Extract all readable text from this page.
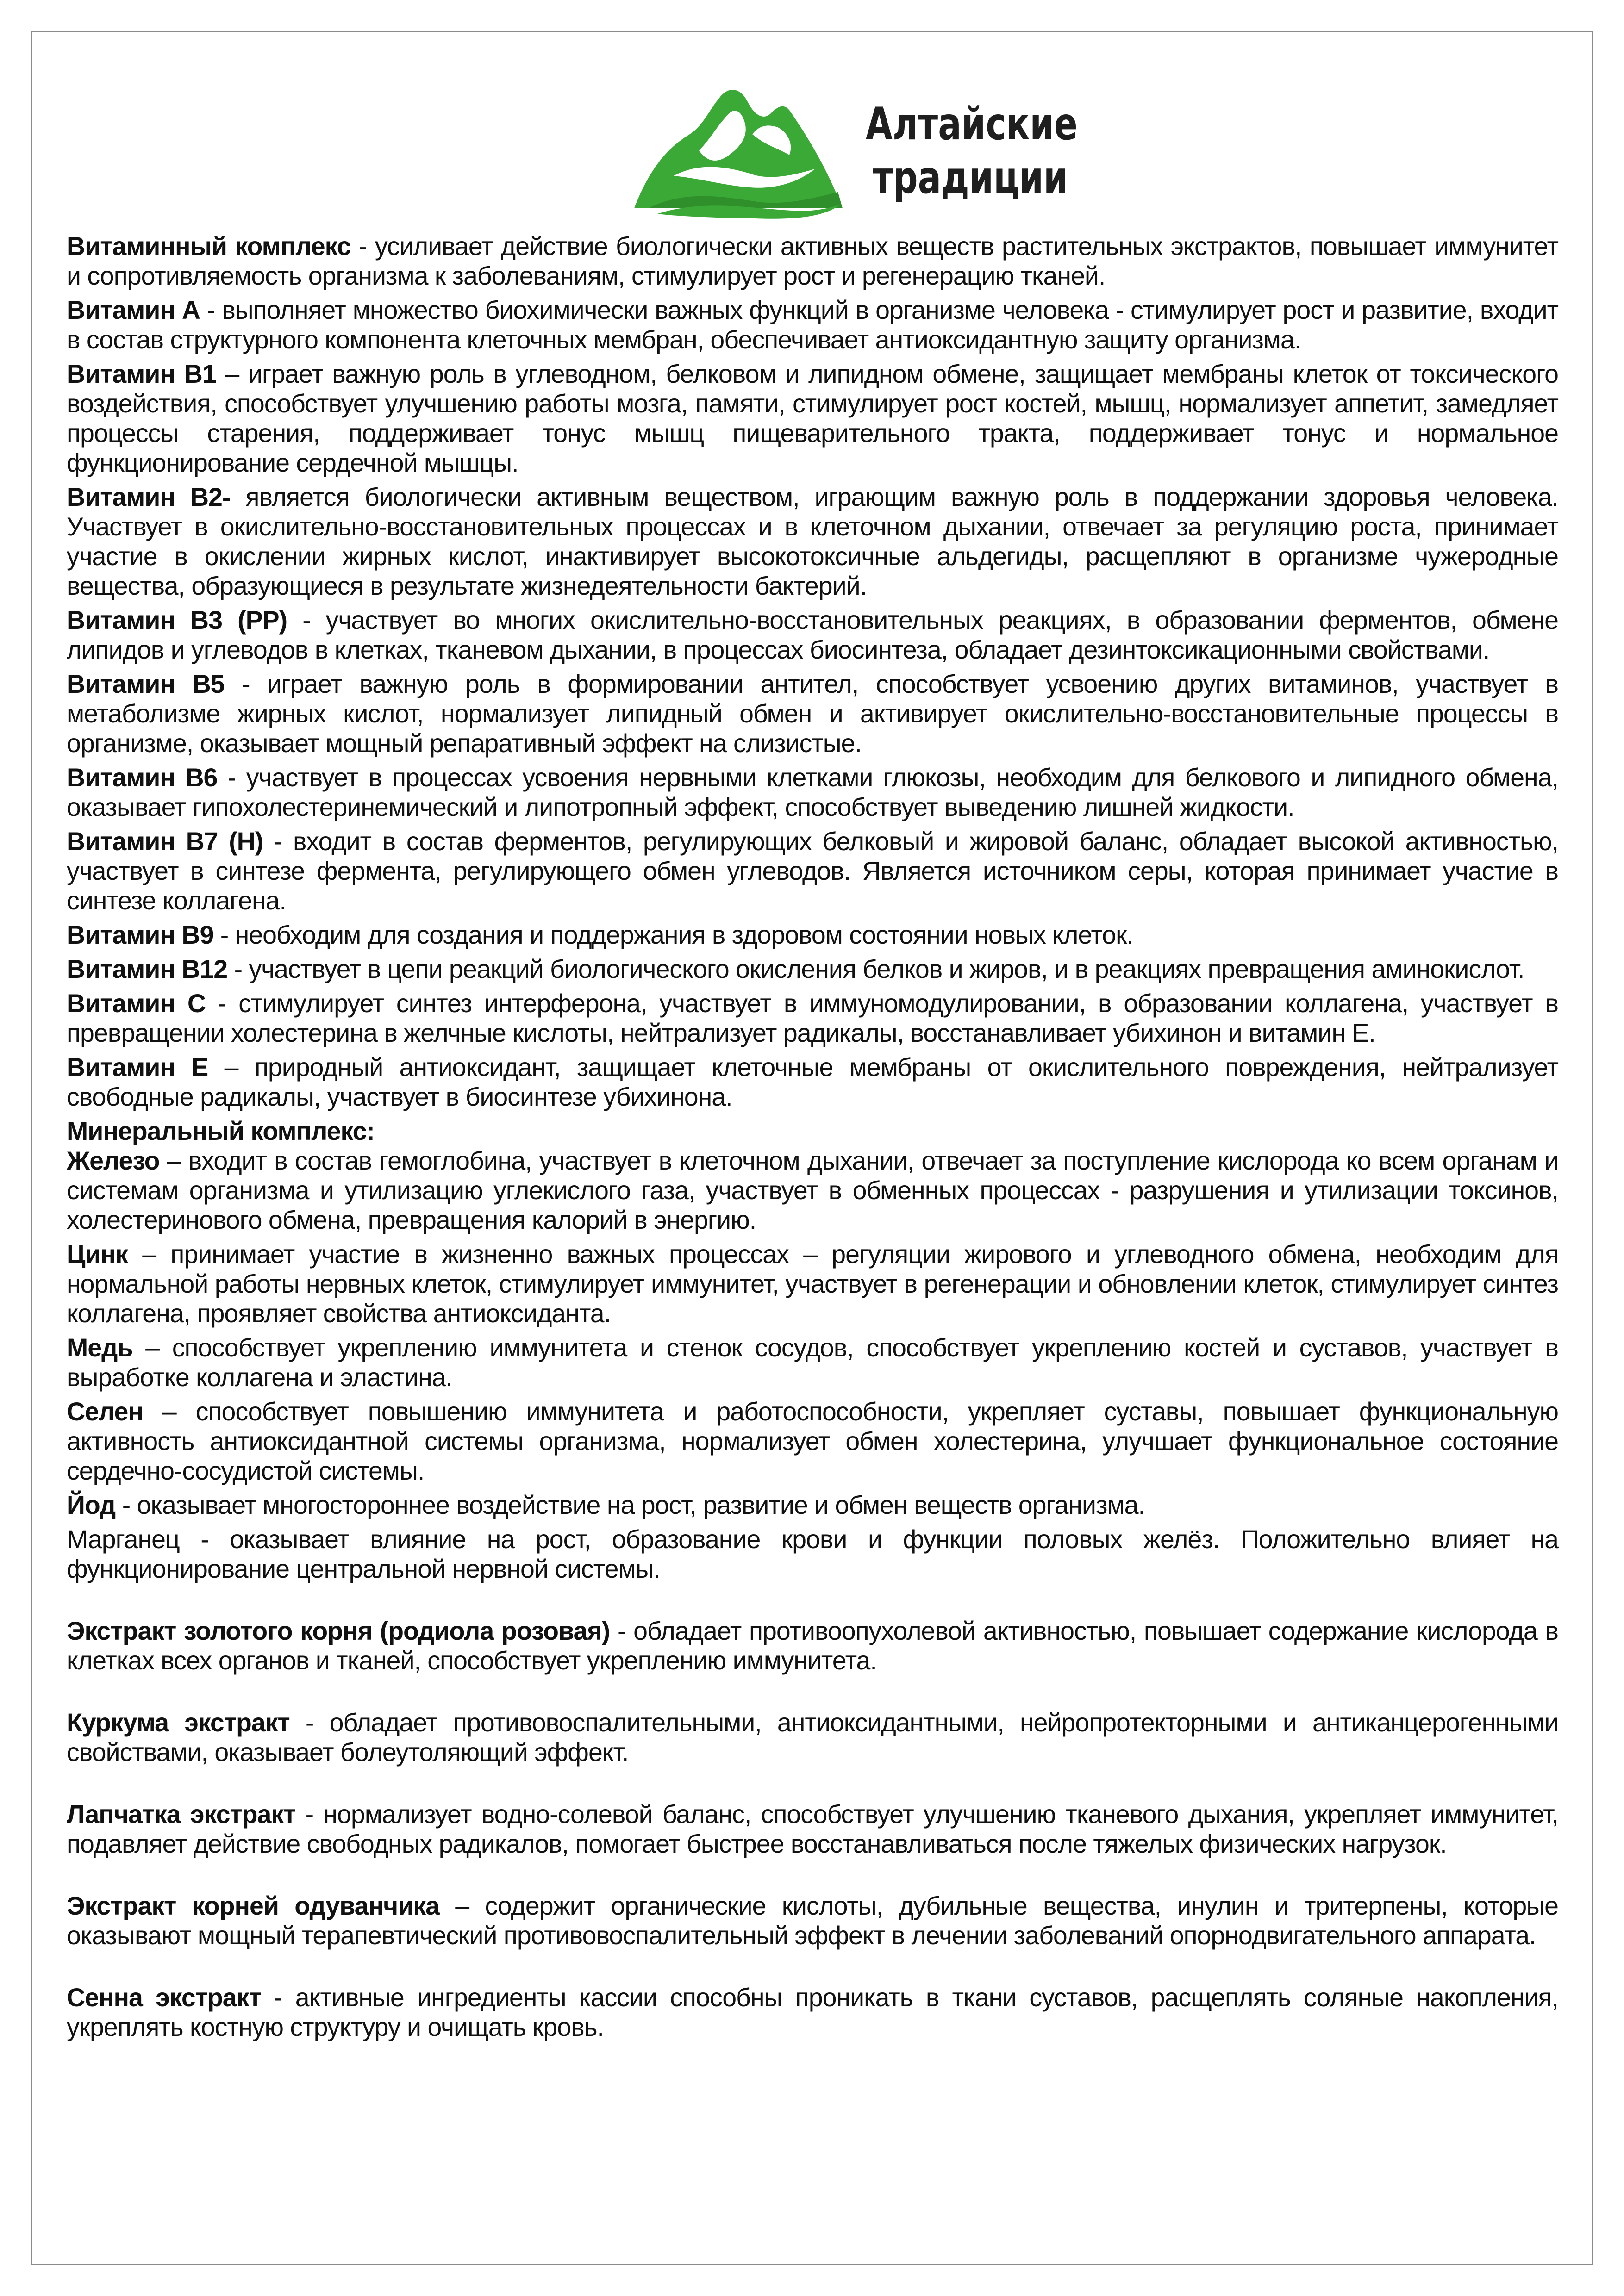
Алтайские
традиции
Витаминный комплекс - усиливает действие биологически активных веществ растительных экстрактов, повышает иммунитет и сопротивляемость организма к заболеваниям, стимулирует рост и регенерацию тканей.
Витамин А - выполняет множество биохимически важных функций в организме человека - стимулирует рост и развитие, входит в состав структурного компонента клеточных мембран, обеспечивает антиоксидантную защиту организма.
Витамин В1 – играет важную роль в углеводном, белковом и липидном обмене, защищает мембраны клеток от токсического воздействия, способствует улучшению работы мозга, памяти, стимулирует рост костей, мышц, нормализует аппетит, замедляет процессы старения, поддерживает тонус мышц пищеварительного тракта, поддерживает тонус и нормальное функционирование сердечной мышцы.
Витамин В2- является биологически активным веществом, играющим важную роль в поддержании здоровья человека. Участвует в окислительно-восстановительных процессах и в клеточном дыхании, отвечает за регуляцию роста, принимает участие в окислении жирных кислот, инактивирует высокотоксичные альдегиды, расщепляют в организме чужеродные вещества, образующиеся в результате жизнедеятельности бактерий.
Витамин В3 (РР) - участвует во многих окислительно-восстановительных реакциях, в образовании ферментов, обмене липидов и углеводов в клетках, тканевом дыхании, в процессах биосинтеза, обладает дезинтоксикационными свойствами.
Витамин В5 - играет важную роль в формировании антител, способствует усвоению других витаминов, участвует в метаболизме жирных кислот, нормализует липидный обмен и активирует окислительно-восстановительные процессы в организме, оказывает мощный репаративный эффект на слизистые.
Витамин В6 - участвует в процессах усвоения нервными клетками глюкозы, необходим для белкового и липидного обмена, оказывает гипохолестеринемический и липотропный эффект, способствует выведению лишней жидкости.
Витамин В7 (Н) - входит в состав ферментов, регулирующих белковый и жировой баланс, обладает высокой активностью, участвует в синтезе фермента, регулирующего обмен углеводов. Является источником серы, которая принимает участие в синтезе коллагена.
Витамин В9 - необходим для создания и поддержания в здоровом состоянии новых клеток.
Витамин В12 - участвует в цепи реакций биологического окисления белков и жиров, и в реакциях превращения аминокислот.
Витамин С - стимулирует синтез интерферона, участвует в иммуномодулировании, в образовании коллагена, участвует в превращении холестерина в желчные кислоты, нейтрализует радикалы, восстанавливает убихинон и витамин Е.
Витамин Е – природный антиоксидант, защищает клеточные мембраны от окислительного повреждения, нейтрализует свободные радикалы, участвует в биосинтезе убихинона.
Минеральный комплекс:
Железо – входит в состав гемоглобина, участвует в клеточном дыхании, отвечает за поступление кислорода ко всем органам и системам организма и утилизацию углекислого газа, участвует в обменных процессах - разрушения и утилизации токсинов, холестеринового обмена, превращения калорий в энергию.
Цинк – принимает участие в жизненно важных процессах – регуляции жирового и углеводного обмена, необходим для нормальной работы нервных клеток, стимулирует иммунитет, участвует в регенерации и обновлении клеток, стимулирует синтез коллагена, проявляет свойства антиоксиданта.
Медь – способствует укреплению иммунитета и стенок сосудов, способствует укреплению костей и суставов, участвует в выработке коллагена и эластина.
Селен – способствует повышению иммунитета и работоспособности, укрепляет суставы, повышает функциональную активность антиоксидантной системы организма, нормализует обмен холестерина, улучшает функциональное состояние сердечно-сосудистой системы.
Йод - оказывает многостороннее воздействие на рост, развитие и обмен веществ организма.
Марганец - оказывает влияние на рост, образование крови и функции половых желёз. Положительно влияет на функционирование центральной нервной системы.
Экстракт золотого корня (родиола розовая) - обладает противоопухолевой активностью, повышает содержание кислорода в клетках всех органов и тканей, способствует укреплению иммунитета.
Куркума экстракт - обладает противовоспалительными, антиоксидантными, нейропротекторными и антиканцерогенными свойствами, оказывает болеутоляющий эффект.
Лапчатка экстракт - нормализует водно-солевой баланс, способствует улучшению тканевого дыхания, укрепляет иммунитет, подавляет действие свободных радикалов, помогает быстрее восстанавливаться после тяжелых физических нагрузок.
Экстракт корней одуванчика – содержит органические кислоты, дубильные вещества, инулин и тритерпены, которые оказывают мощный терапевтический противовоспалительный эффект в лечении заболеваний опорнодвигательного аппарата.
Сенна экстракт - активные ингредиенты кассии способны проникать в ткани суставов, расщеплять соляные накопления, укреплять костную структуру и очищать кровь.
